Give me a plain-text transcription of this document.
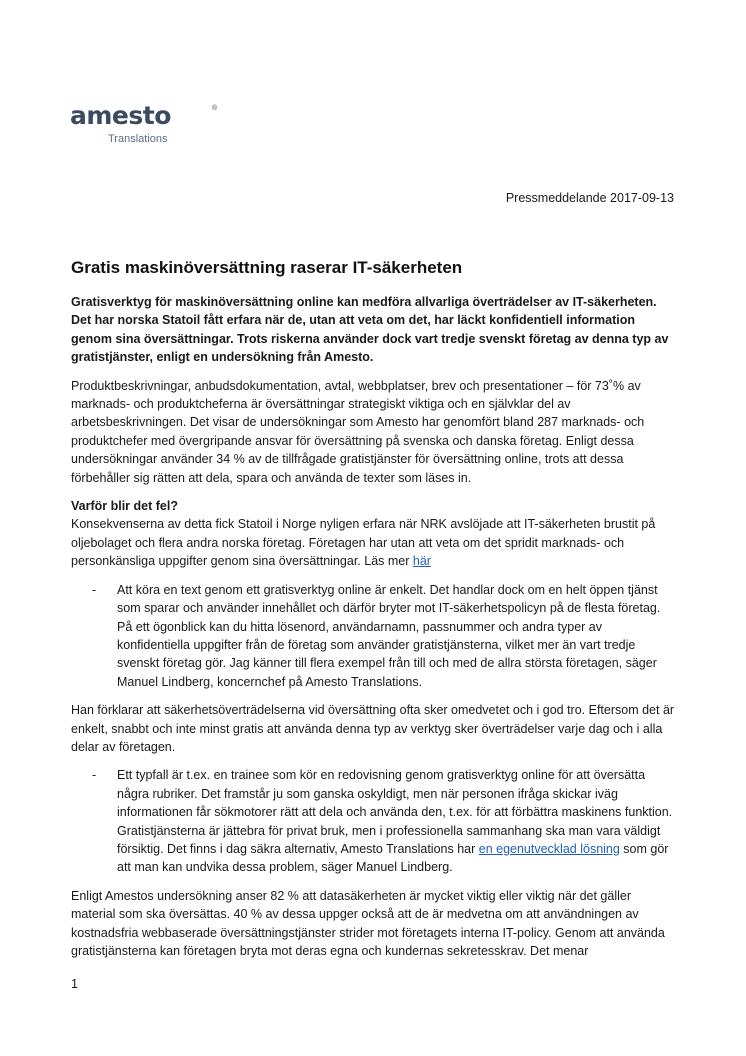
amesto	®
Translations
Pressmeddelande 2017-09-13
Gratis maskinöversättning raserar IT-säkerheten

Gratisverktyg för maskinöversättning online kan medföra allvarliga överträdelser av IT-säkerheten. Det har norska Statoil fått erfara när de, utan att veta om det, har läckt konfidentiell information genom sina översättningar. Trots riskerna använder dock vart tredje svenskt företag av denna typ av gratistjänster, enligt en undersökning från Amesto.

Produktbeskrivningar, anbudsdokumentation, avtal, webbplatser, brev och presentationer – för 73˚% av marknads- och produktcheferna är översättningar strategiskt viktiga och en självklar del av arbetsbeskrivningen. Det visar de undersökningar som Amesto har genomfört bland 287 marknads- och produktchefer med övergripande ansvar för översättning på svenska och danska företag. Enligt dessa undersökningar använder 34 % av de tillfrågade gratistjänster för översättning online, trots att dessa förbehåller sig rätten att dela, spara och använda de texter som läses in.

Varför blir det fel?

Konsekvenserna av detta fick Statoil i Norge nyligen erfara när NRK avslöjade att IT-säkerheten brustit på oljebolaget och flera andra norska företag. Företagen har utan att veta om det spridit marknads- och personkänsliga uppgifter genom sina översättningar. Läs mer här

- Att köra en text genom ett gratisverktyg online är enkelt. Det handlar dock om en helt öppen tjänst som sparar och använder innehållet och därför bryter mot IT-säkerhetspolicyn på de flesta företag. På ett ögonblick kan du hitta lösenord, användarnamn, passnummer och andra typer av konfidentiella uppgifter från de företag som använder gratistjänsterna, vilket mer än vart tredje svenskt företag gör. Jag känner till flera exempel från till och med de allra största företagen, säger Manuel Lindberg, koncernchef på Amesto Translations.

Han förklarar att säkerhetsöverträdelserna vid översättning ofta sker omedvetet och i god tro. Eftersom det är enkelt, snabbt och inte minst gratis att använda denna typ av verktyg sker överträdelser varje dag och i alla delar av företagen.

- Ett typfall är t.ex. en trainee som kör en redovisning genom gratisverktyg online för att översätta några rubriker. Det framstår ju som ganska oskyldigt, men när personen ifråga skickar iväg informationen får sökmotorer rätt att dela och använda den, t.ex. för att förbättra maskinens funktion. Gratistjänsterna är jättebra för privat bruk, men i professionella sammanhang ska man vara väldigt försiktig. Det finns i dag säkra alternativ, Amesto Translations har en egenutvecklad lösning som gör att man kan undvika dessa problem, säger Manuel Lindberg.

Enligt Amestos undersökning anser 82 % att datasäkerheten är mycket viktig eller viktig när det gäller material som ska översättas. 40 % av dessa uppger också att de är medvetna om att användningen av kostnadsfria webbaserade översättningstjänster strider mot företagets interna IT-policy. Genom att använda gratistjänsterna kan företagen bryta mot deras egna och kundernas sekretesskrav. Det menar

1
